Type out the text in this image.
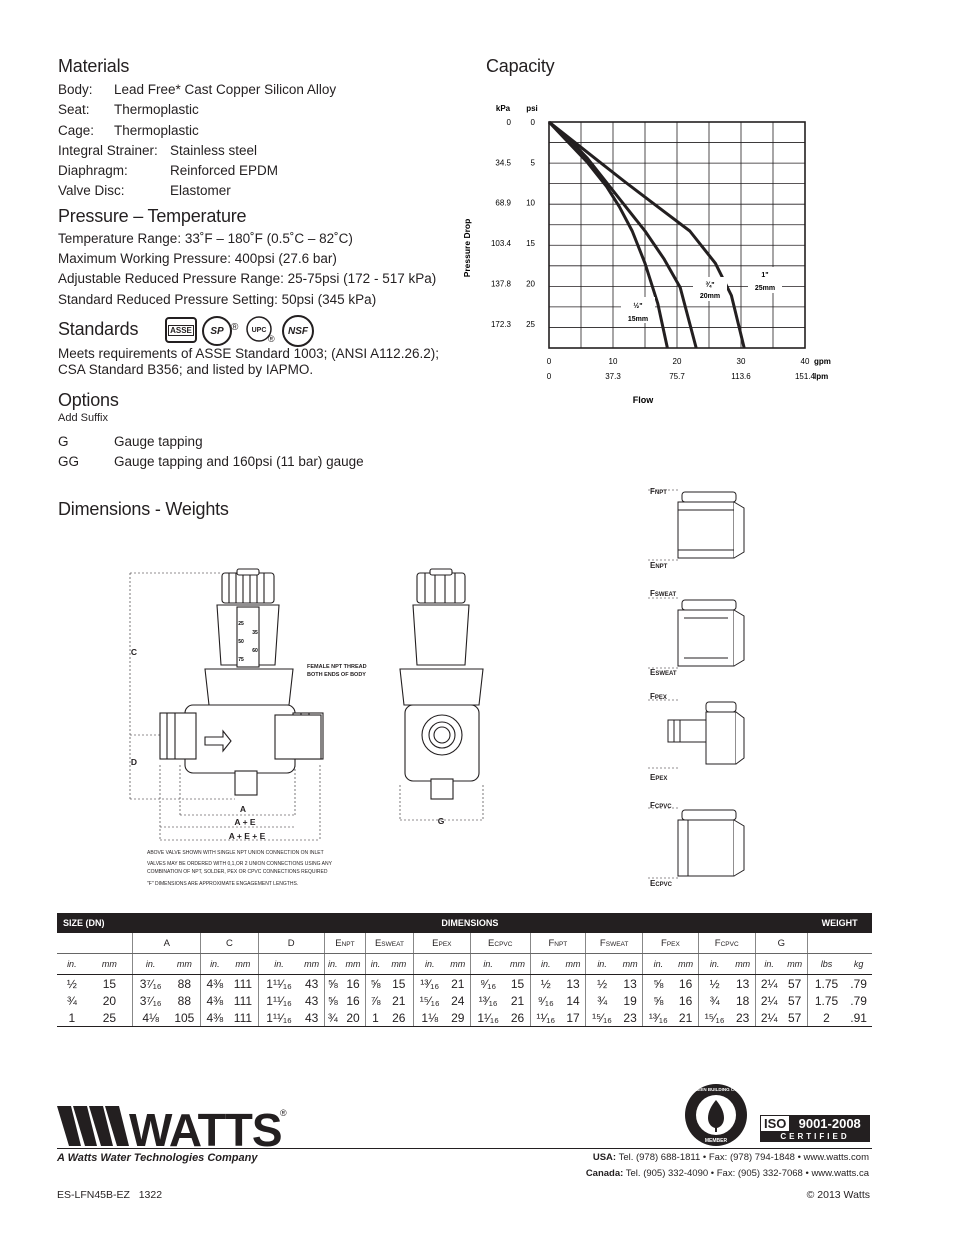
Materials
Body: Lead Free* Cast Copper Silicon Alloy
Seat: Thermoplastic
Cage: Thermoplastic
Integral Strainer: Stainless steel
Diaphragm:	Reinforced EPDM
Valve Disc:	Elastomer
Pressure – Temperature
Temperature Range: 33˚F – 180˚F (0.5˚C – 82˚C)
Maximum Working Pressure: 400psi (27.6 bar)
Adjustable Reduced Pressure Range: 25-75psi (172 - 517 kPa)
Standard Reduced Pressure Setting: 50psi (345 kPa)
Standards	ASSE SP ® UPC
®
NSF
Meets requirements of ASSE Standard 1003; (ANSI A112.26.2);
CSA Standard B356; and listed by IAPMO.
Options
Add Suffix
G	Gauge tapping
GG	Gauge tapping and 160psi (11 bar) gauge
Dimensions - Weights
Capacity
kPa psi
Pressure Drop
Flow
gpm
lpm
0
0
5
34.5
10
68.9
15
103.4
20
137.8
25
172.3
0
0
10
37.3
20
75.7
30
113.6
40
151.4
½"
15mm
¾"
20mm
1"
25mm
25
35
50
60
75
C
D
A
A + E
A + E + E
G
FEMALE NPT THREAD
BOTH ENDS OF BODY
ABOVE VALVE SHOWN WITH SINGLE NPT UNION CONNECTION ON INLET
VALVES MAY BE ORDERED WITH 0,1,OR 2 UNION CONNECTIONS USING ANY
COMBINATION OF NPT, SOLDER, PEX OR CPVC CONNECTIONS REQUIRED
"F" DIMENSIONS ARE APPROXIMATE ENGAGEMENT LENGTHS.
FNPT
ENPT
FSWEAT
ESWEAT
FPEX
EPEX
FCPVC
ECPVC
SIZE (DN)		DIMENSIONS																								WEIGHT	
		A		C		D		ENPT		ESWEAT		EPEX		ECPVC		FNPT		FSWEAT		FPEX		FCPVC		G			
in.	mm	in.	mm	in.	mm	in.	mm	in.	mm	in.	mm	in.	mm	in.	mm	in.	mm	in.	mm	in.	mm	in.	mm	in.	mm	lbs	kg
½	15	3⁷⁄₁₆	88	4⅜	111	1¹¹⁄₁₆	43	⅝	16	⅝	15	¹³⁄₁₆	21	⁹⁄₁₆	15	½	13	½	13	⅝	16	½	13	2¼	57	1.75	.79
¾	20	3⁷⁄₁₆	88	4⅜	111	1¹¹⁄₁₆	43	⅝	16	⅞	21	¹⁵⁄₁₆	24	¹³⁄₁₆	21	⁹⁄₁₆	14	¾	19	⅝	16	¾	18	2¼	57	1.75	.79
1	25	4⅛	105	4⅜	111	1¹¹⁄₁₆	43	¾	20	1	26	1⅛	29	1¹⁄₁₆	26	¹¹⁄₁₆	17	¹⁵⁄₁₆	23	¹³⁄₁₆	21	¹⁵⁄₁₆	23	2¼	57	2	.91
WATTS
®
A Watts Water Technologies Company
U.S. GREEN BUILDING COUNCIL
MEMBER
ISO 9001-2008
CERTIFIED
USA: Tel. (978) 688-1811 • Fax: (978) 794-1848 • www.watts.com
Canada: Tel. (905) 332-4090 • Fax: (905) 332-7068 • www.watts.ca
ES-LFN45B-EZ   1322	© 2013 Watts
